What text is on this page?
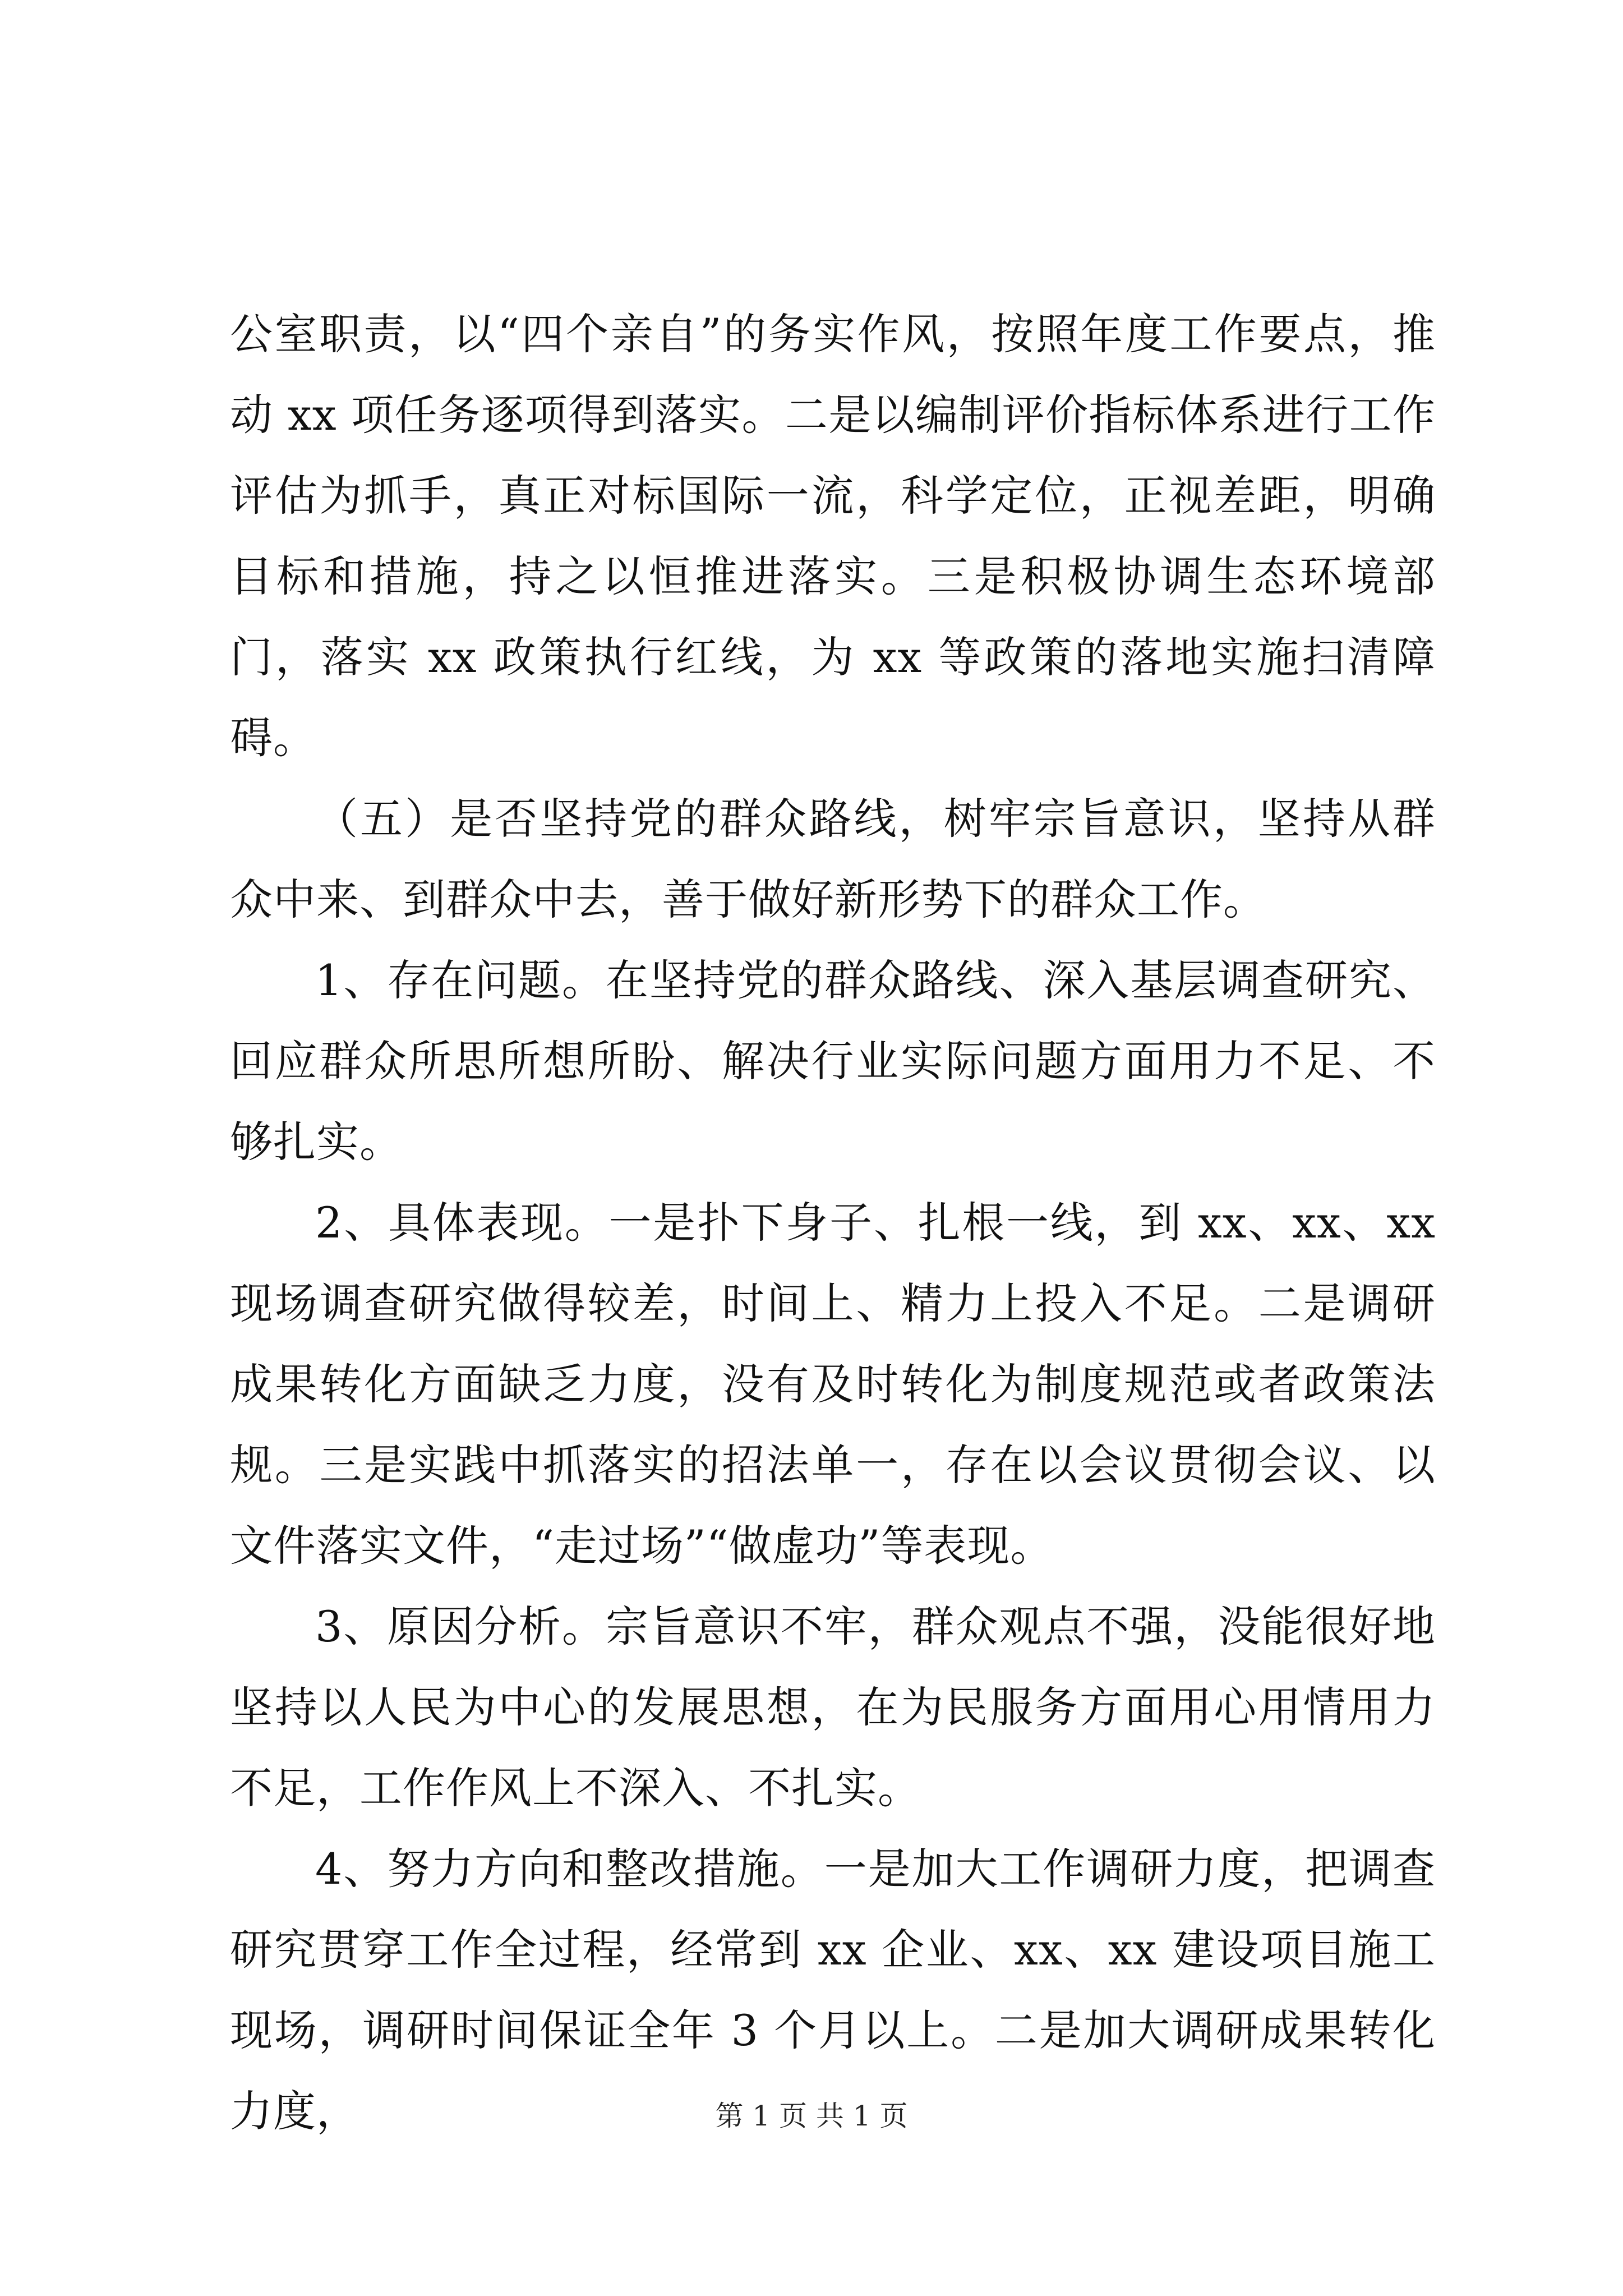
公室职责，以“四个亲自”的务实作风，按照年度工作要点，推动 xx 项任务逐项得到落实。二是以编制评价指标体系进行工作评估为抓手，真正对标国际一流，科学定位，正视差距，明确目标和措施，持之以恒推进落实。三是积极协调生态环境部门，落实 xx 政策执行红线，为 xx 等政策的落地实施扫清障碍。

（五）是否坚持党的群众路线，树牢宗旨意识，坚持从群众中来、到群众中去，善于做好新形势下的群众工作。

1、存在问题。在坚持党的群众路线、深入基层调查研究、回应群众所思所想所盼、解决行业实际问题方面用力不足、不够扎实。

2、具体表现。一是扑下身子、扎根一线，到 xx、xx、xx 现场调查研究做得较差，时间上、精力上投入不足。二是调研成果转化方面缺乏力度，没有及时转化为制度规范或者政策法规。三是实践中抓落实的招法单一，存在以会议贯彻会议、以文件落实文件，“走过场”“做虚功”等表现。

3、原因分析。宗旨意识不牢，群众观点不强，没能很好地坚持以人民为中心的发展思想，在为民服务方面用心用情用力不足，工作作风上不深入、不扎实。

4、努力方向和整改措施。一是加大工作调研力度，把调查研究贯穿工作全过程，经常到 xx 企业、xx、xx 建设项目施工现场，调研时间保证全年 3 个月以上。二是加大调研成果转化力度，	第 1 页 共 1 页
